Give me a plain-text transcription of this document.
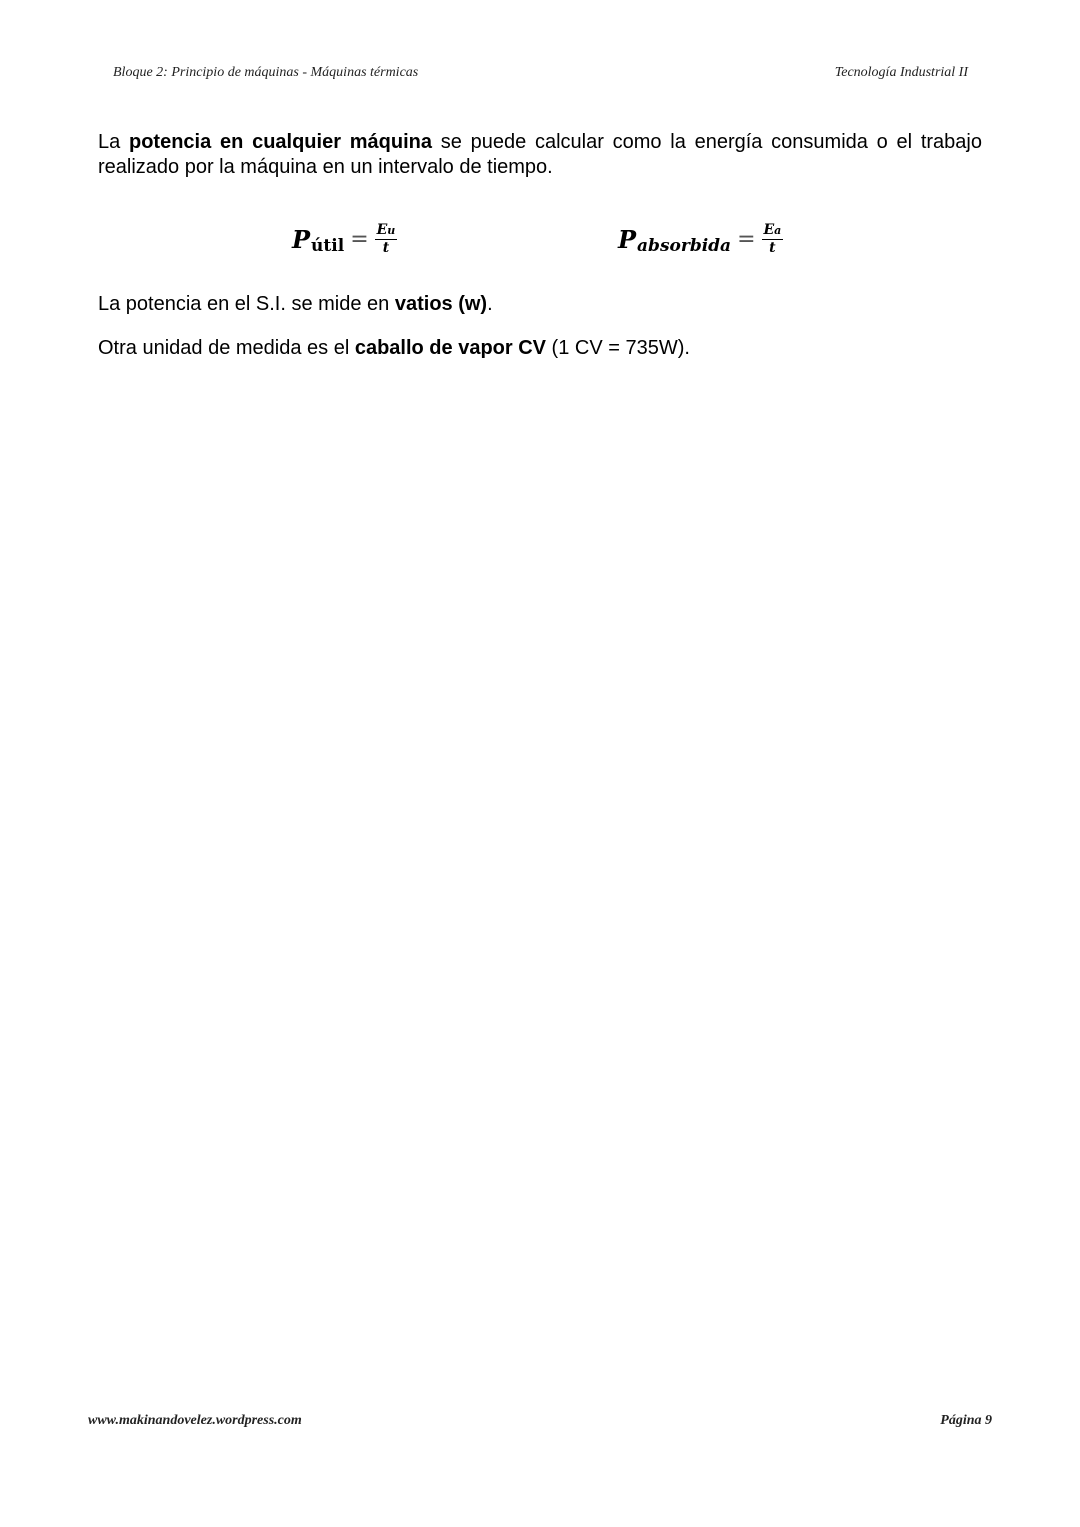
Bloque 2: Principio de máquinas - Máquinas térmicas	Tecnología Industrial II
La potencia en cualquier máquina se puede calcular como la energía consumida o el trabajo realizado por la máquina en un intervalo de tiempo.
P útil = $\frac{Eu}{t}$	P absorbida = $\frac{Ea}{t}$
La potencia en el S.I. se mide en vatios (w).
Otra unidad de medida es el caballo de vapor CV (1 CV = 735W).
www.makinandovelez.wordpress.com	Página 9
